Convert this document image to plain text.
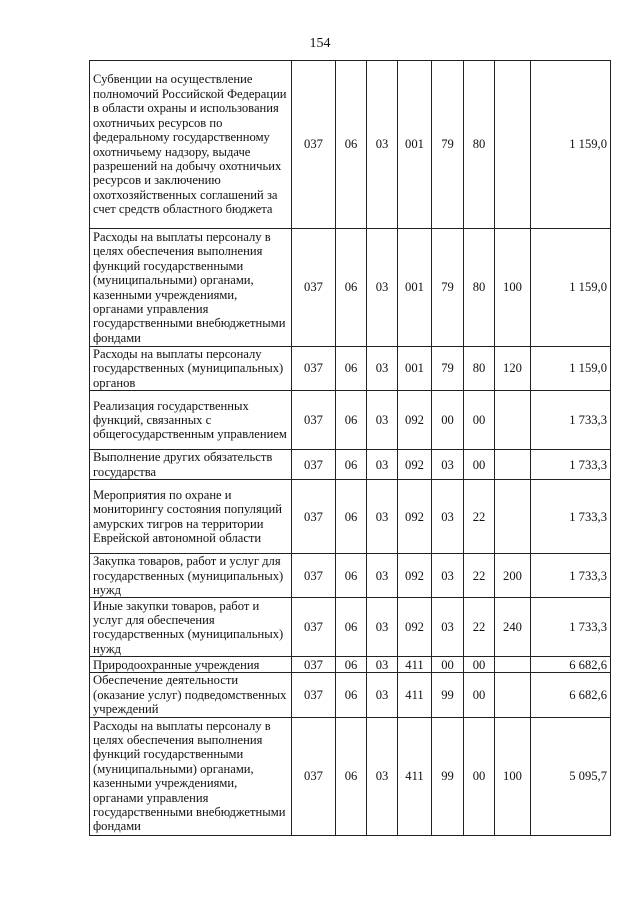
154
Субвенции на осуществление полномочий Российской Федерации в области охраны и использования охотничьих ресурсов по федеральному государственному охотничьему надзору, выдаче разрешений на добычу охотничьих ресурсов и заключению охотхозяйственных соглашений за счет средств областного бюджета	037	06	03	001	79	80		1 159,0
Расходы на выплаты персоналу в целях обеспечения выполнения функций государственными (муниципальными) органами, казенными учреждениями, органами управления государственными внебюджетными фондами	037	06	03	001	79	80	100	1 159,0
Расходы на выплаты персоналу государственных (муниципальных) органов	037	06	03	001	79	80	120	1 159,0
Реализация государственных функций, связанных с общегосударственным управлением	037	06	03	092	00	00		1 733,3
Выполнение других обязательств государства	037	06	03	092	03	00		1 733,3
Мероприятия по охране и мониторингу состояния популяций амурских тигров на территории Еврейской автономной области	037	06	03	092	03	22		1 733,3
Закупка товаров, работ и услуг для государственных (муниципальных) нужд	037	06	03	092	03	22	200	1 733,3
Иные закупки товаров, работ и услуг для обеспечения государственных (муниципальных) нужд	037	06	03	092	03	22	240	1 733,3
Природоохранные учреждения	037	06	03	411	00	00		6 682,6
Обеспечение деятельности (оказание услуг) подведомственных учреждений	037	06	03	411	99	00		6 682,6
Расходы на выплаты персоналу в целях обеспечения выполнения функций государственными (муниципальными) органами, казенными учреждениями, органами управления государственными внебюджетными фондами	037	06	03	411	99	00	100	5 095,7
